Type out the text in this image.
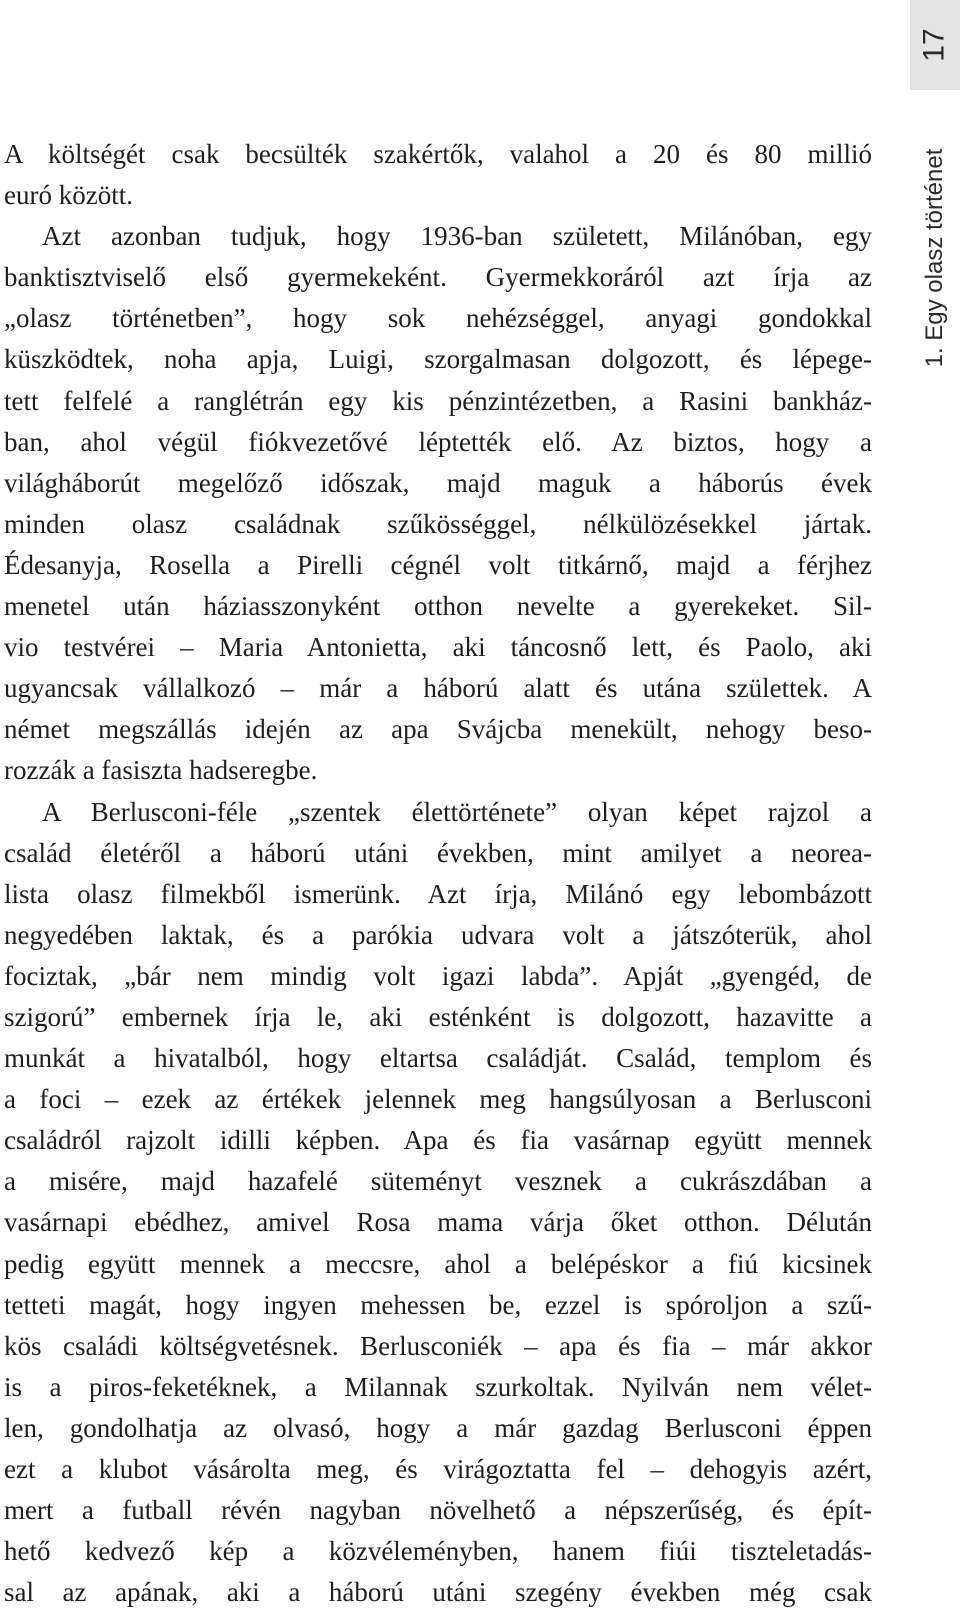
17
1. Egy olasz történet
A költségét csak becsülték szakértők, valahol a 20 és 80 millió
euró között.
Azt azonban tudjuk, hogy 1936-ban született, Milánóban, egy
banktisztviselő első gyermekeként. Gyermekkoráról azt írja az
„olasz történetben”, hogy sok nehézséggel, anyagi gondokkal
küszködtek, noha apja, Luigi, szorgalmasan dolgozott, és lépege-
tett felfelé a ranglétrán egy kis pénzintézetben, a Rasini bankház-
ban, ahol végül fiókvezetővé léptették elő. Az biztos, hogy a
világháborút megelőző időszak, majd maguk a háborús évek
minden olasz családnak szűkösséggel, nélkülözésekkel jártak.
Édesanyja, Rosella a Pirelli cégnél volt titkárnő, majd a férjhez
menetel után háziasszonyként otthon nevelte a gyerekeket. Sil-
vio testvérei – Maria Antonietta, aki táncosnő lett, és Paolo, aki
ugyancsak vállalkozó – már a háború alatt és utána születtek. A
német megszállás idején az apa Svájcba menekült, nehogy beso-
rozzák a fasiszta hadseregbe.
A Berlusconi-féle „szentek élettörténete” olyan képet rajzol a
család életéről a háború utáni években, mint amilyet a neorea-
lista olasz filmekből ismerünk. Azt írja, Milánó egy lebombázott
negyedében laktak, és a parókia udvara volt a játszóterük, ahol
fociztak, „bár nem mindig volt igazi labda”. Apját „gyengéd, de
szigorú” embernek írja le, aki esténként is dolgozott, hazavitte a
munkát a hivatalból, hogy eltartsa családját. Család, templom és
a foci – ezek az értékek jelennek meg hangsúlyosan a Berlusconi
családról rajzolt idilli képben. Apa és fia vasárnap együtt mennek
a misére, majd hazafelé süteményt vesznek a cukrászdában a
vasárnapi ebédhez, amivel Rosa mama várja őket otthon. Délután
pedig együtt mennek a meccsre, ahol a belépéskor a fiú kicsinek
tetteti magát, hogy ingyen mehessen be, ezzel is spóroljon a szű-
kös családi költségvetésnek. Berlusconiék – apa és fia – már akkor
is a piros-feketéknek, a Milannak szurkoltak. Nyilván nem vélet-
len, gondolhatja az olvasó, hogy a már gazdag Berlusconi éppen
ezt a klubot vásárolta meg, és virágoztatta fel – dehogyis azért,
mert a futball révén nagyban növelhető a népszerűség, és épít-
hető kedvező kép a közvéleményben, hanem fiúi tiszteletadás-
sal az apának, aki a háború utáni szegény években még csak
